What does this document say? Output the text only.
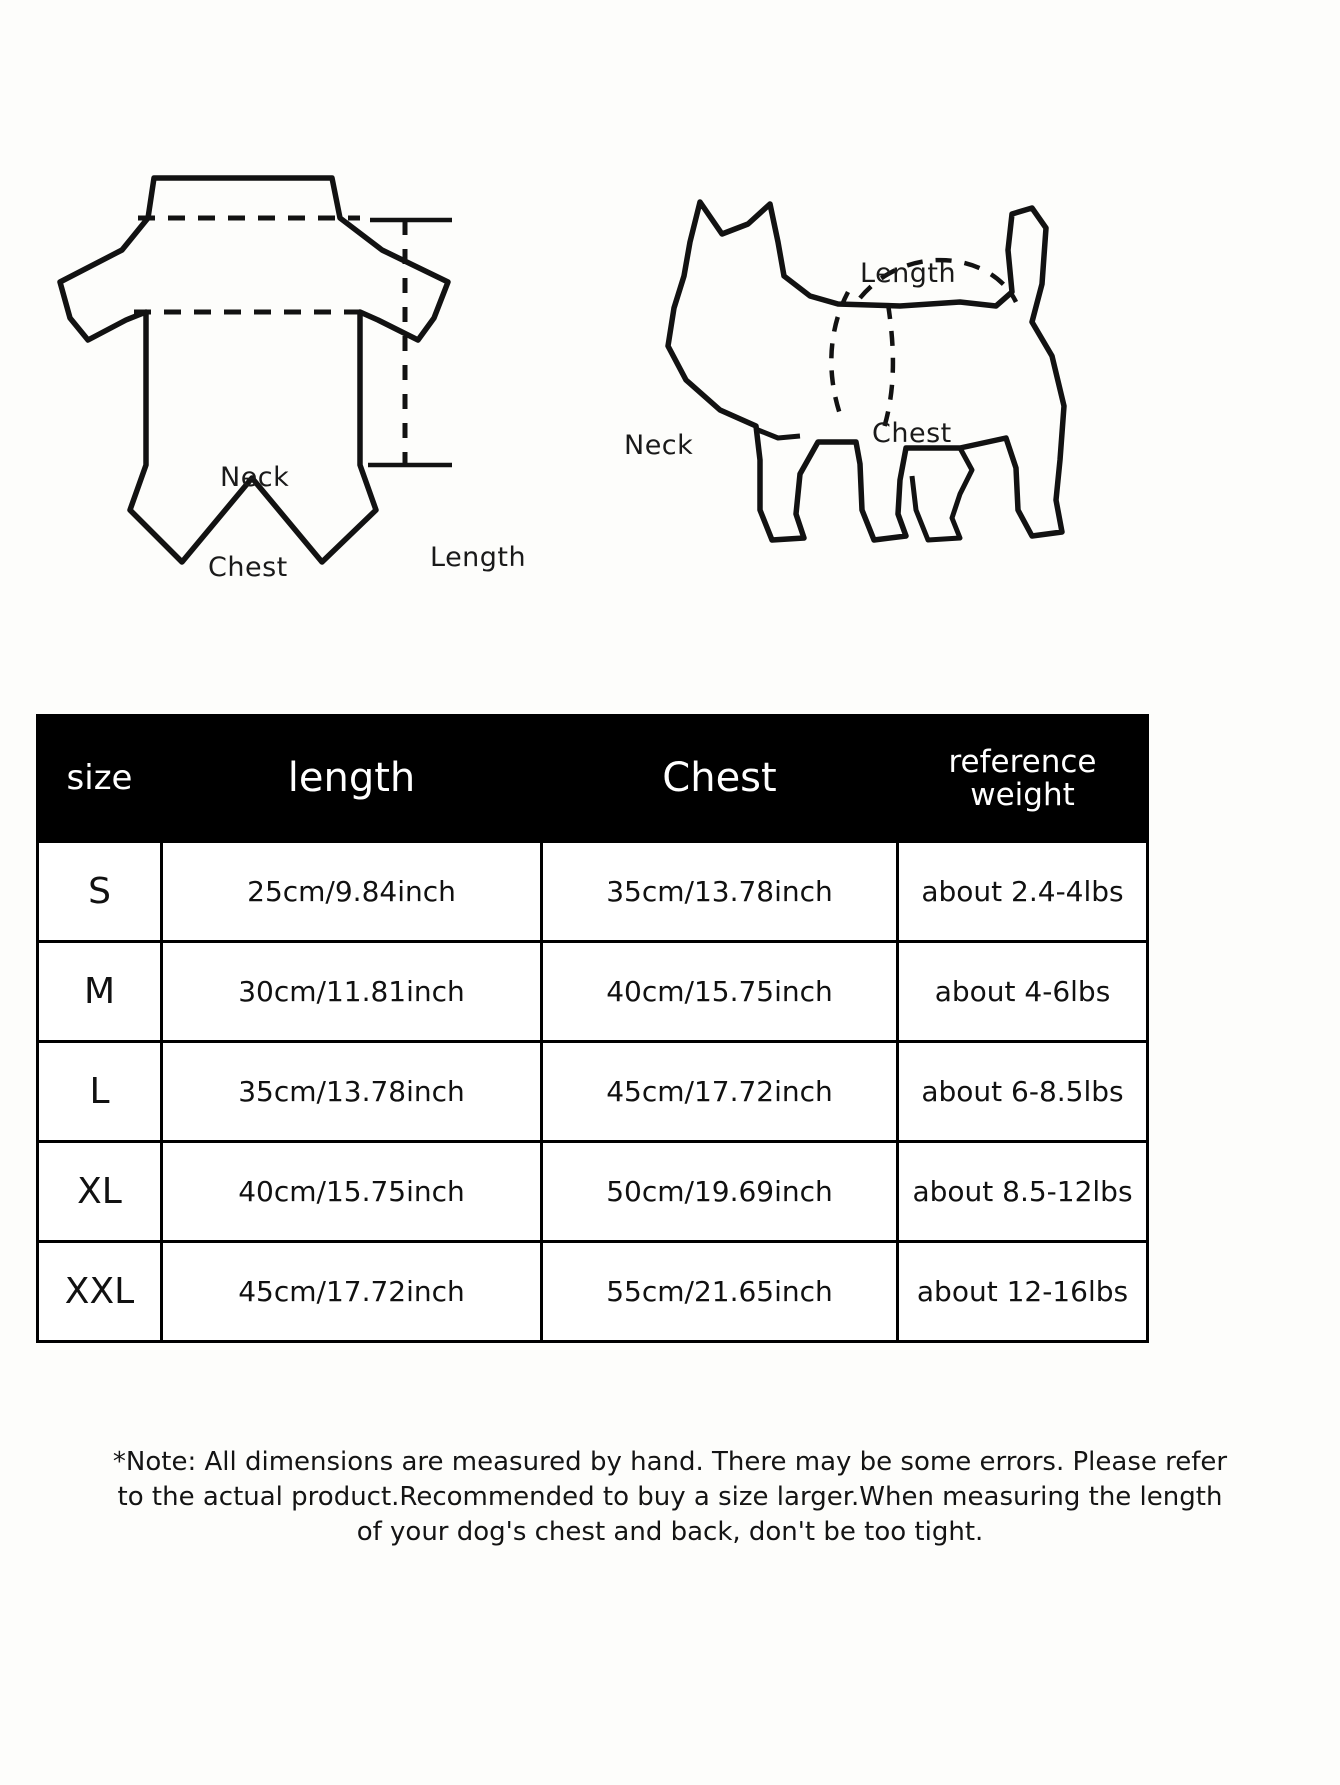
Neck
Chest	Length
Length
Neck	Chest
size	length	Chest	reference
weight

S	25cm/9.84inch	35cm/13.78inch	about 2.4-4lbs
M	30cm/11.81inch	40cm/15.75inch	about 4-6lbs
L	35cm/13.78inch	45cm/17.72inch	about 6-8.5lbs
XL	40cm/15.75inch	50cm/19.69inch	about 8.5-12lbs
XXL	45cm/17.72inch	55cm/21.65inch	about 12-16lbs
*Note: All dimensions are measured by hand. There may be some errors. Please refer
to the actual product.Recommended to buy a size larger.When measuring the length
of your dog's chest and back, don't be too tight.
